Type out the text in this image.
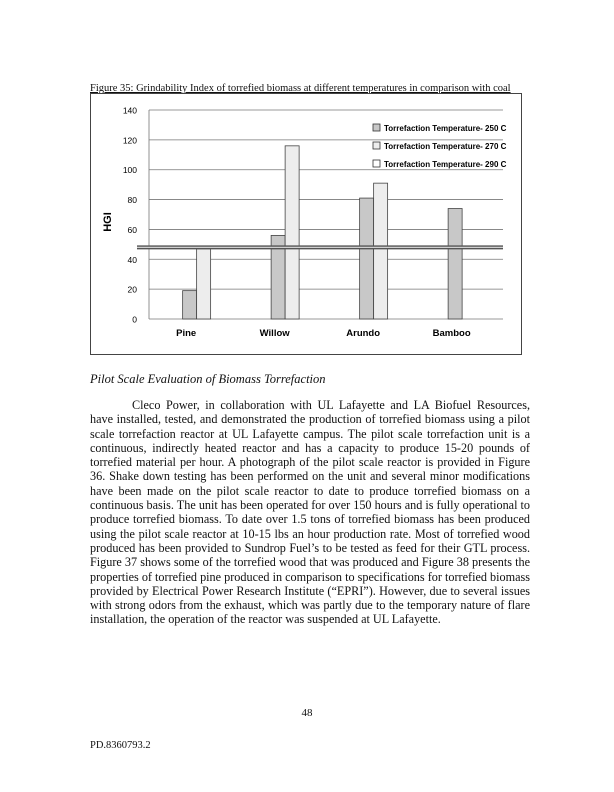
Figure 35: Grindability Index of torrefied biomass at different temperatures in comparison with coal
0
20
40
60
80
100
120
140
Pine	Willow	Arundo	Bamboo
HGI
Torrefaction Temperature- 250 C
Torrefaction Temperature- 270 C
Torrefaction Temperature- 290 C
Pilot Scale Evaluation of Biomass Torrefaction

Cleco Power, in collaboration with UL Lafayette and LA Biofuel Resources, have installed, tested, and demonstrated the production of torrefied biomass using a pilot scale torrefaction reactor at UL Lafayette campus. The pilot scale torrefaction unit is a continuous, indirectly heated reactor and has a capacity to produce 15-20 pounds of torrefied material per hour. A photograph of the pilot scale reactor is provided in Figure 36. Shake down testing has been performed on the unit and several minor modifications have been made on the pilot scale reactor to date to produce torrefied biomass on a continuous basis. The unit has been operated for over 150 hours and is fully operational to produce torrefied biomass. To date over 1.5 tons of torrefied biomass has been produced using the pilot scale reactor at 10-15 lbs an hour production rate. Most of torrefied wood produced has been provided to Sundrop Fuel’s to be tested as feed for their GTL process. Figure 37 shows some of the torrefied wood that was produced and Figure 38 presents the properties of torrefied pine produced in comparison to specifications for torrefied biomass provided by Electrical Power Research Institute (“EPRI”). However, due to several issues with strong odors from the exhaust, which was partly due to the temporary nature of flare installation, the operation of the reactor was suspended at UL Lafayette.

48
PD.8360793.2
